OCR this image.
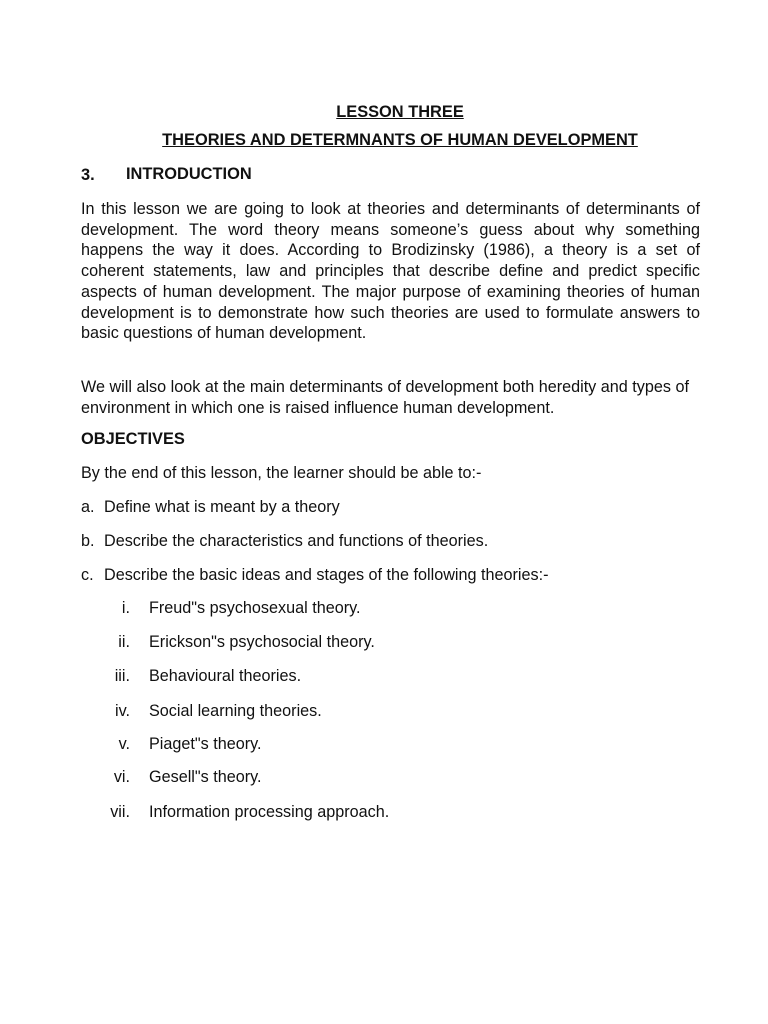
LESSON THREE
THEORIES AND DETERMNANTS OF HUMAN DEVELOPMENT
3. INTRODUCTION

In this lesson we are going to look at theories and determinants of determinants of development. The word theory means someone’s guess about why something happens the way it does. According to Brodizinsky (1986), a theory is a set of coherent statements, law and principles that describe define and predict specific aspects of human development. The major purpose of examining theories of human development is to demonstrate how such theories are used to formulate answers to basic questions of human development.

We will also look at the main determinants of development both heredity and types of environment in which one is raised influence human development.

OBJECTIVES
By the end of this lesson, the learner should be able to:-
a. Define what is meant by a theory
b. Describe the characteristics and functions of theories.
c. Describe the basic ideas and stages of the following theories:-
i. Freud"s psychosexual theory.
ii. Erickson"s psychosocial theory.
iii. Behavioural theories.
iv. Social learning theories.
v. Piaget"s theory.
vi. Gesell"s theory.
vii. Information processing approach.
